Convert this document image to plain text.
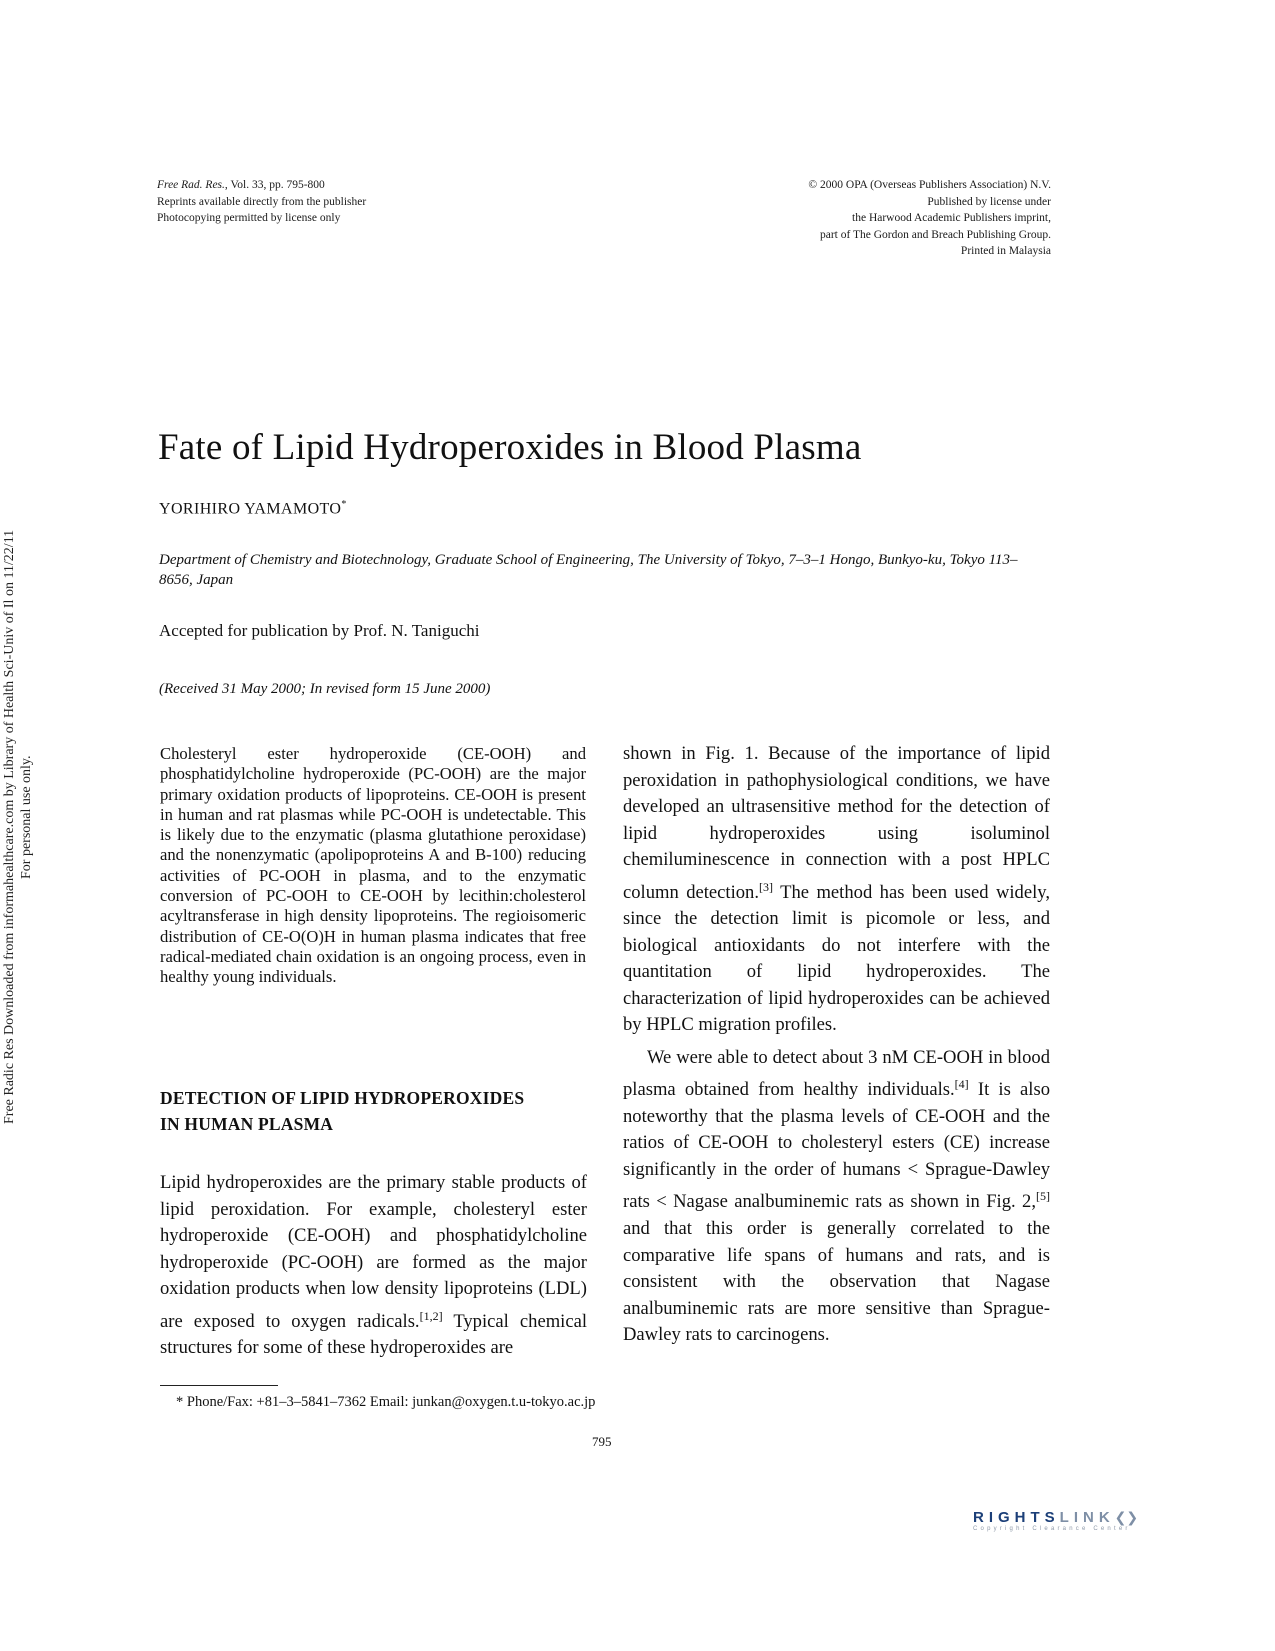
Free Rad. Res., Vol. 33, pp. 795-800
Reprints available directly from the publisher
Photocopying permitted by license only
© 2000 OPA (Overseas Publishers Association) N.V.
Published by license under
the Harwood Academic Publishers imprint,
part of The Gordon and Breach Publishing Group.
Printed in Malaysia
Free Radic Res Downloaded from informahealthcare.com by Library of Health Sci-Univ of Il on 11/22/11 For personal use only.
Fate of Lipid Hydroperoxides in Blood Plasma
YORIHIRO YAMAMOTO*
Department of Chemistry and Biotechnology, Graduate School of Engineering, The University of Tokyo, 7–3–1 Hongo, Bunkyo-ku, Tokyo 113–8656, Japan
Accepted for publication by Prof. N. Taniguchi
(Received 31 May 2000; In revised form 15 June 2000)
Cholesteryl ester hydroperoxide (CE-OOH) and phosphatidylcholine hydroperoxide (PC-OOH) are the major primary oxidation products of lipoproteins. CE-OOH is present in human and rat plasmas while PC-OOH is undetectable. This is likely due to the enzymatic (plasma glutathione peroxidase) and the nonenzymatic (apolipoproteins A and B-100) reducing activities of PC-OOH in plasma, and to the enzymatic conversion of PC-OOH to CE-OOH by lecithin:cholesterol acyltransferase in high density lipoproteins. The regioisomeric distribution of CE-O(O)H in human plasma indicates that free radical-mediated chain oxidation is an ongoing process, even in healthy young individuals.
DETECTION OF LIPID HYDROPEROXIDES
IN HUMAN PLASMA

Lipid hydroperoxides are the primary stable products of lipid peroxidation. For example, cholesteryl ester hydroperoxide (CE-OOH) and phosphatidylcholine hydroperoxide (PC-OOH) are formed as the major oxidation products when low density lipoproteins (LDL) are exposed to oxygen radicals.[1,2] Typical chemical structures for some of these hydroperoxides are

shown in Fig. 1. Because of the importance of lipid peroxidation in pathophysiological conditions, we have developed an ultrasensitive method for the detection of lipid hydroperoxides using isoluminol chemiluminescence in connection with a post HPLC column detection.[3] The method has been used widely, since the detection limit is picomole or less, and biological antioxidants do not interfere with the quantitation of lipid hydroperoxides. The characterization of lipid hydroperoxides can be achieved by HPLC migration profiles.

We were able to detect about 3 nM CE-OOH in blood plasma obtained from healthy individuals.[4] It is also noteworthy that the plasma levels of CE-OOH and the ratios of CE-OOH to cholesteryl esters (CE) increase significantly in the order of humans < Sprague-Dawley rats < Nagase analbuminemic rats as shown in Fig. 2,[5] and that this order is generally correlated to the comparative life spans of humans and rats, and is consistent with the observation that Nagase analbuminemic rats are more sensitive than Sprague-Dawley rats to carcinogens.

* Phone/Fax: +81–3–5841–7362 Email: junkan@oxygen.t.u-tokyo.ac.jp
795
RIGHTSLINK❮❯
Copyright Clearance Center
